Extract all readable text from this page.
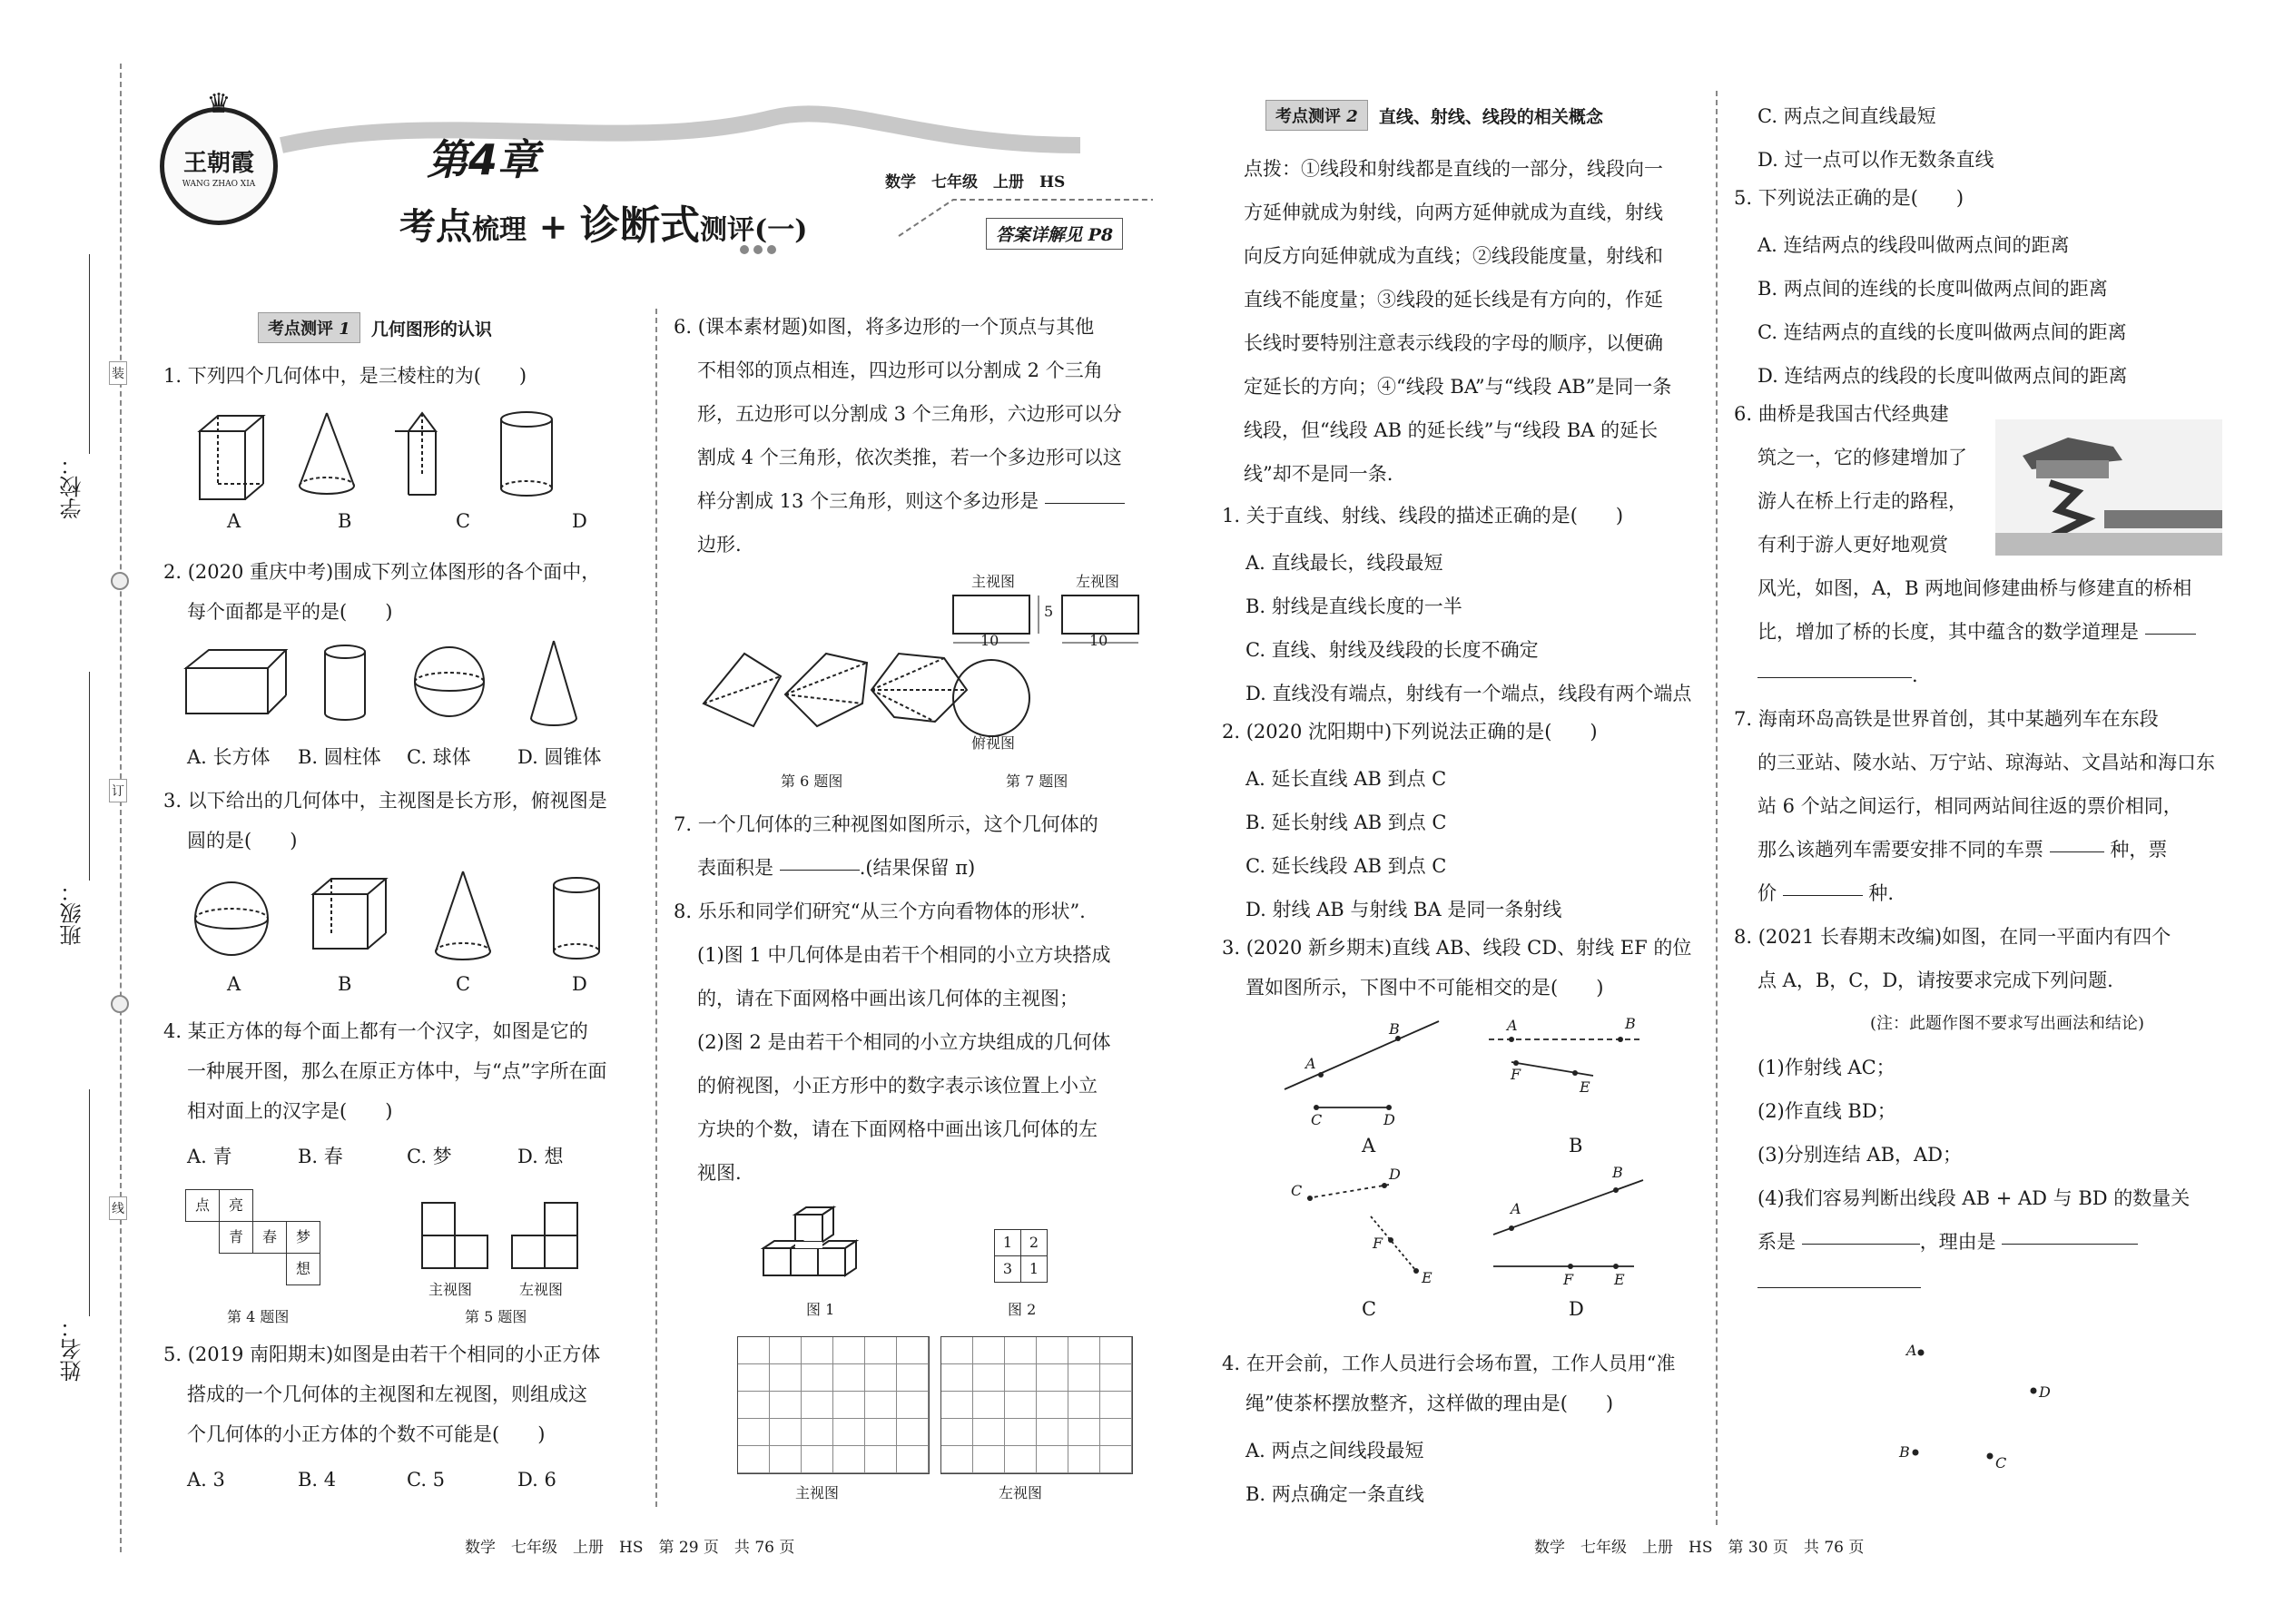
学校：
班级：
姓名：
装
订
线
♛
王朝霞
WANG ZHAO XIA	第4章
考点梳理 + 诊断式测评(一)
数学　七年级　上册　HS
答案详解见 P8
考点测评 1	几何图形的认识
1. 下列四个几何体中，是三棱柱的为(　　)
A	B	C	D
2. (2020 重庆中考)围成下列立体图形的各个面中，
每个面都是平的是(　　)
A. 长方体 B. 圆柱体 C. 球体 D. 圆锥体
3. 以下给出的几何体中，主视图是长方形，俯视图是
圆的是(　　)
A	B	C	D
4. 某正方体的每个面上都有一个汉字，如图是它的
一种展开图，那么在原正方体中，与“点”字所在面
相对面上的汉字是(　　)
A. 青	B. 春	C. 梦	D. 想
点	亮
青	春	梦
想
主视图	左视图
第 4 题图	第 5 题图
5. (2019 南阳期末)如图是由若干个相同的小正方体
搭成的一个几何体的主视图和左视图，则组成这
个几何体的小正方体的个数不可能是(　　)
A. 3	B. 4	C. 5	D. 6
6. (课本素材题)如图，将多边形的一个顶点与其他
不相邻的顶点相连，四边形可以分割成 2 个三角
形，五边形可以分割成 3 个三角形，六边形可以分
割成 4 个三角形，依次类推，若一个多边形可以这
样分割成 13 个三角形，则这个多边形是
边形.
主视图	左视图
5
10	10
俯视图
第 6 题图	第 7 题图
7. 一个几何体的三种视图如图所示，这个几何体的
表面积是	.(结果保留 π)
8. 乐乐和同学们研究“从三个方向看物体的形状”.
(1)图 1 中几何体是由若干个相同的小立方块搭成
的，请在下面网格中画出该几何体的主视图；
(2)图 2 是由若干个相同的小立方块组成的几何体
的俯视图，小正方形中的数字表示该位置上小立
方块的个数，请在下面网格中画出该几何体的左
视图.
1	2
3	1
图 1	图 2
主视图	左视图
考点测评 2	直线、射线、线段的相关概念
点拨：①线段和射线都是直线的一部分，线段向一
方延伸就成为射线，向两方延伸就成为直线，射线
向反方向延伸就成为直线；②线段能度量，射线和
直线不能度量；③线段的延长线是有方向的，作延
长线时要特别注意表示线段的字母的顺序，以便确
定延长的方向；④“线段 BA”与“线段 AB”是同一条
线段，但“线段 AB 的延长线”与“线段 BA 的延长
线”却不是同一条.
1. 关于直线、射线、线段的描述正确的是(　　)
A. 直线最长，线段最短
B. 射线是直线长度的一半
C. 直线、射线及线段的长度不确定
D. 直线没有端点，射线有一个端点，线段有两个端点
2. (2020 沈阳期中)下列说法正确的是(　　)
A. 延长直线 AB 到点 C
B. 延长射线 AB 到点 C
C. 延长线段 AB 到点 C
D. 射线 AB 与射线 BA 是同一条射线
3. (2020 新乡期末)直线 AB、线段 CD、射线 EF 的位
置如图所示，下图中不可能相交的是(　　)
A
B
C	D
A	B
F
E
C
D
F
E
A
B
F	E
A	B
C	D
4. 在开会前，工作人员进行会场布置，工作人员用“准
绳”使茶杯摆放整齐，这样做的理由是(　　)
A. 两点之间线段最短
B. 两点确定一条直线
C. 两点之间直线最短
D. 过一点可以作无数条直线
5. 下列说法正确的是(　　)
A. 连结两点的线段叫做两点间的距离
B. 两点间的连线的长度叫做两点间的距离
C. 连结两点的直线的长度叫做两点间的距离
D. 连结两点的线段的长度叫做两点间的距离
6. 曲桥是我国古代经典建
筑之一，它的修建增加了
游人在桥上行走的路程，
有利于游人更好地观赏
风光，如图，A，B 两地间修建曲桥与修建直的桥相
比，增加了桥的长度，其中蕴含的数学道理是
.
7. 海南环岛高铁是世界首创，其中某趟列车在东段
的三亚站、陵水站、万宁站、琼海站、文昌站和海口东
站 6 个站之间运行，相同两站间往返的票价相同，
那么该趟列车需要安排不同的车票	种，票
价	种.
8. (2021 长春期末改编)如图，在同一平面内有四个
点 A，B，C，D，请按要求完成下列问题.
(注：此题作图不要求写出画法和结论)
(1)作射线 AC；
(2)作直线 BD；
(3)分别连结 AB，AD；
(4)我们容易判断出线段 AB + AD 与 BD 的数量关
系是	，理由是
A
D
B
C
数学　七年级　上册　HS　第 29 页　共 76 页	数学　七年级　上册　HS　第 30 页　共 76 页
